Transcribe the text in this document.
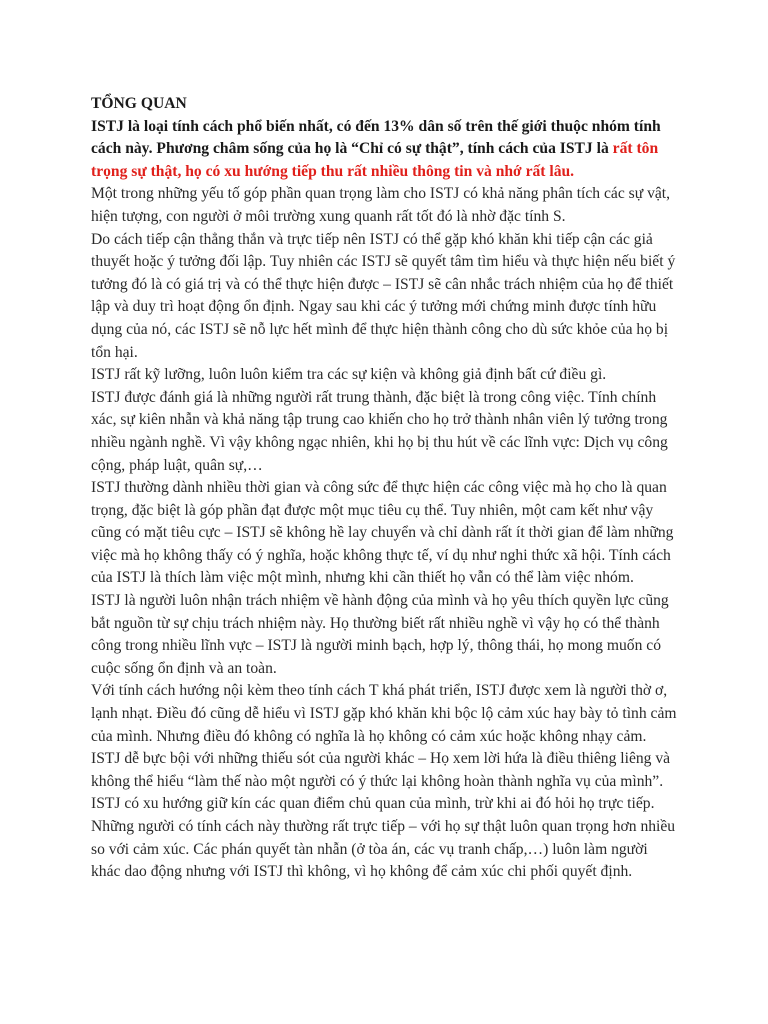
TỔNG QUAN

ISTJ là loại tính cách phổ biến nhất, có đến 13% dân số trên thế giới thuộc nhóm tính cách này. Phương châm sống của họ là “Chỉ có sự thật”, tính cách của ISTJ là rất tôn trọng sự thật, họ có xu hướng tiếp thu rất nhiều thông tin và nhớ rất lâu.

Một trong những yếu tố góp phần quan trọng làm cho ISTJ có khả năng phân tích các sự vật, hiện tượng, con người ở môi trường xung quanh rất tốt đó là nhờ đặc tính S.

Do cách tiếp cận thẳng thắn và trực tiếp nên ISTJ có thể gặp khó khăn khi tiếp cận các giả thuyết hoặc ý tưởng đối lập. Tuy nhiên các ISTJ sẽ quyết tâm tìm hiểu và thực hiện nếu biết ý tưởng đó là có giá trị và có thể thực hiện được – ISTJ sẽ cân nhắc trách nhiệm của họ để thiết lập và duy trì hoạt động ổn định. Ngay sau khi các ý tưởng mới chứng minh được tính hữu dụng của nó, các ISTJ sẽ nỗ lực hết mình để thực hiện thành công cho dù sức khỏe của họ bị tổn hại.

ISTJ rất kỹ lưỡng, luôn luôn kiểm tra các sự kiện và không giả định bất cứ điều gì.

ISTJ được đánh giá là những người rất trung thành, đặc biệt là trong công việc. Tính chính xác, sự kiên nhẫn và khả năng tập trung cao khiến cho họ trở thành nhân viên lý tưởng trong nhiều ngành nghề. Vì vậy không ngạc nhiên, khi họ bị thu hút về các lĩnh vực: Dịch vụ công cộng, pháp luật, quân sự,…

ISTJ thường dành nhiều thời gian và công sức để thực hiện các công việc mà họ cho là quan trọng, đặc biệt là góp phần đạt được một mục tiêu cụ thể. Tuy nhiên, một cam kết như vậy cũng có mặt tiêu cực – ISTJ sẽ không hề lay chuyển và chỉ dành rất ít thời gian để làm những việc mà họ không thấy có ý nghĩa, hoặc không thực tế, ví dụ như nghi thức xã hội. Tính cách của ISTJ là thích làm việc một mình, nhưng khi cần thiết họ vẫn có thể làm việc nhóm.

ISTJ là người luôn nhận trách nhiệm về hành động của mình và họ yêu thích quyền lực cũng bắt nguồn từ sự chịu trách nhiệm này. Họ thường biết rất nhiều nghề vì vậy họ có thể thành công trong nhiều lĩnh vực – ISTJ là người minh bạch, hợp lý, thông thái, họ mong muốn có cuộc sống ổn định và an toàn.

Với tính cách hướng nội kèm theo tính cách T khá phát triển, ISTJ được xem là người thờ ơ, lạnh nhạt. Điều đó cũng dễ hiểu vì ISTJ gặp khó khăn khi bộc lộ cảm xúc hay bày tỏ tình cảm của mình. Nhưng điều đó không có nghĩa là họ không có cảm xúc hoặc không nhạy cảm.

ISTJ dễ bực bội với những thiếu sót của người khác – Họ xem lời hứa là điều thiêng liêng và không thể hiểu “làm thế nào một người có ý thức lại không hoàn thành nghĩa vụ của mình”.

ISTJ có xu hướng giữ kín các quan điểm chủ quan của mình, trừ khi ai đó hỏi họ trực tiếp. Những người có tính cách này thường rất trực tiếp – với họ sự thật luôn quan trọng hơn nhiều so với cảm xúc. Các phán quyết tàn nhẫn (ở tòa án, các vụ tranh chấp,…) luôn làm người khác dao động nhưng với ISTJ thì không, vì họ không để cảm xúc chi phối quyết định.
